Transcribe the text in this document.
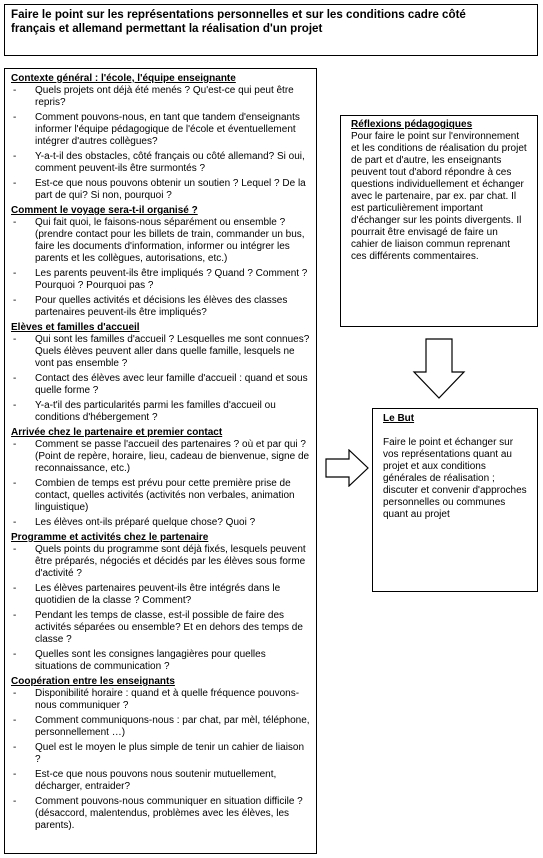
Faire le point sur les représentations personnelles et sur les conditions cadre côté

français et allemand permettant la réalisation d'un projet

Contexte général : l'école, l'équipe enseignante

- Quels projets ont déjà été menés ? Qu'est-ce qui peut être repris?
- Comment pouvons-nous, en tant que tandem d'enseignants informer l'équipe pédagogique de l'école et éventuellement intégrer d'autres collègues?
- Y-a-t-il des obstacles, côté français ou côté allemand? Si oui, comment peuvent-ils être surmontés ?
- Est-ce que nous pouvons obtenir un soutien ? Lequel ? De la part de qui? Si non, pourquoi ?

Comment le voyage sera-t-il organisé ?

- Qui fait quoi, le faisons-nous séparément ou ensemble ? (prendre contact pour les billets de train, commander un bus, faire les documents d'information, informer ou intégrer les parents et les collègues, autorisations, etc.)
- Les parents peuvent-ils être impliqués ? Quand ? Comment ? Pourquoi ? Pourquoi pas ?
- Pour quelles activités et décisions les élèves des classes partenaires peuvent-ils être impliqués?

Elèves et familles d'accueil

- Qui sont les familles d'accueil ? Lesquelles me sont connues? Quels élèves peuvent aller dans quelle famille, lesquels ne vont pas ensemble ?
- Contact des élèves avec leur famille d'accueil : quand et sous quelle forme ?
- Y-a-t'il des particularités parmi les familles d'accueil ou conditions d'hébergement ?

Arrivée chez le partenaire et premier contact

- Comment se passe l'accueil des partenaires ? où et par qui ? (Point de repère, horaire, lieu, cadeau de bienvenue, signe de reconnaissance, etc.)
- Combien de temps est prévu pour cette première prise de contact, quelles activités (activités non verbales, animation linguistique)
- Les élèves ont-ils préparé quelque chose? Quoi ?

Programme et activités chez le partenaire

- Quels points du programme sont déjà fixés, lesquels peuvent être préparés, négociés et décidés par les élèves sous forme d'activité ?
- Les élèves partenaires peuvent-ils être intégrés dans le quotidien de la classe ? Comment?
- Pendant les temps de classe, est-il possible de faire des activités séparées ou ensemble? Et en dehors des temps de classe ?
- Quelles sont les consignes langagières pour quelles situations de communication ?

Coopération entre les enseignants

- Disponibilité horaire : quand et à quelle fréquence pouvons-nous communiquer ?
- Comment communiquons-nous : par chat, par mèl, téléphone, personnellement …)
- Quel est le moyen le plus simple de tenir un cahier de liaison ?
- Est-ce que nous pouvons nous soutenir mutuellement, décharger, entraider?
- Comment pouvons-nous communiquer en situation difficile ? (désaccord, malentendus, problèmes avec les élèves, les parents).

Réflexions pédagogiques

Pour faire le point sur l'environnement et les conditions de réalisation du projet de part et d'autre, les enseignants peuvent tout d'abord répondre à ces questions individuellement et échanger avec le partenaire, par ex. par chat. Il est particulièrement important d'échanger sur les points divergents. Il pourrait être envisagé de faire un cahier de liaison commun reprenant ces différents commentaires.

Le But

Faire le point et échanger sur vos représentations quant au projet et aux conditions générales de réalisation ; discuter et convenir d'approches personnelles ou communes quant au projet
